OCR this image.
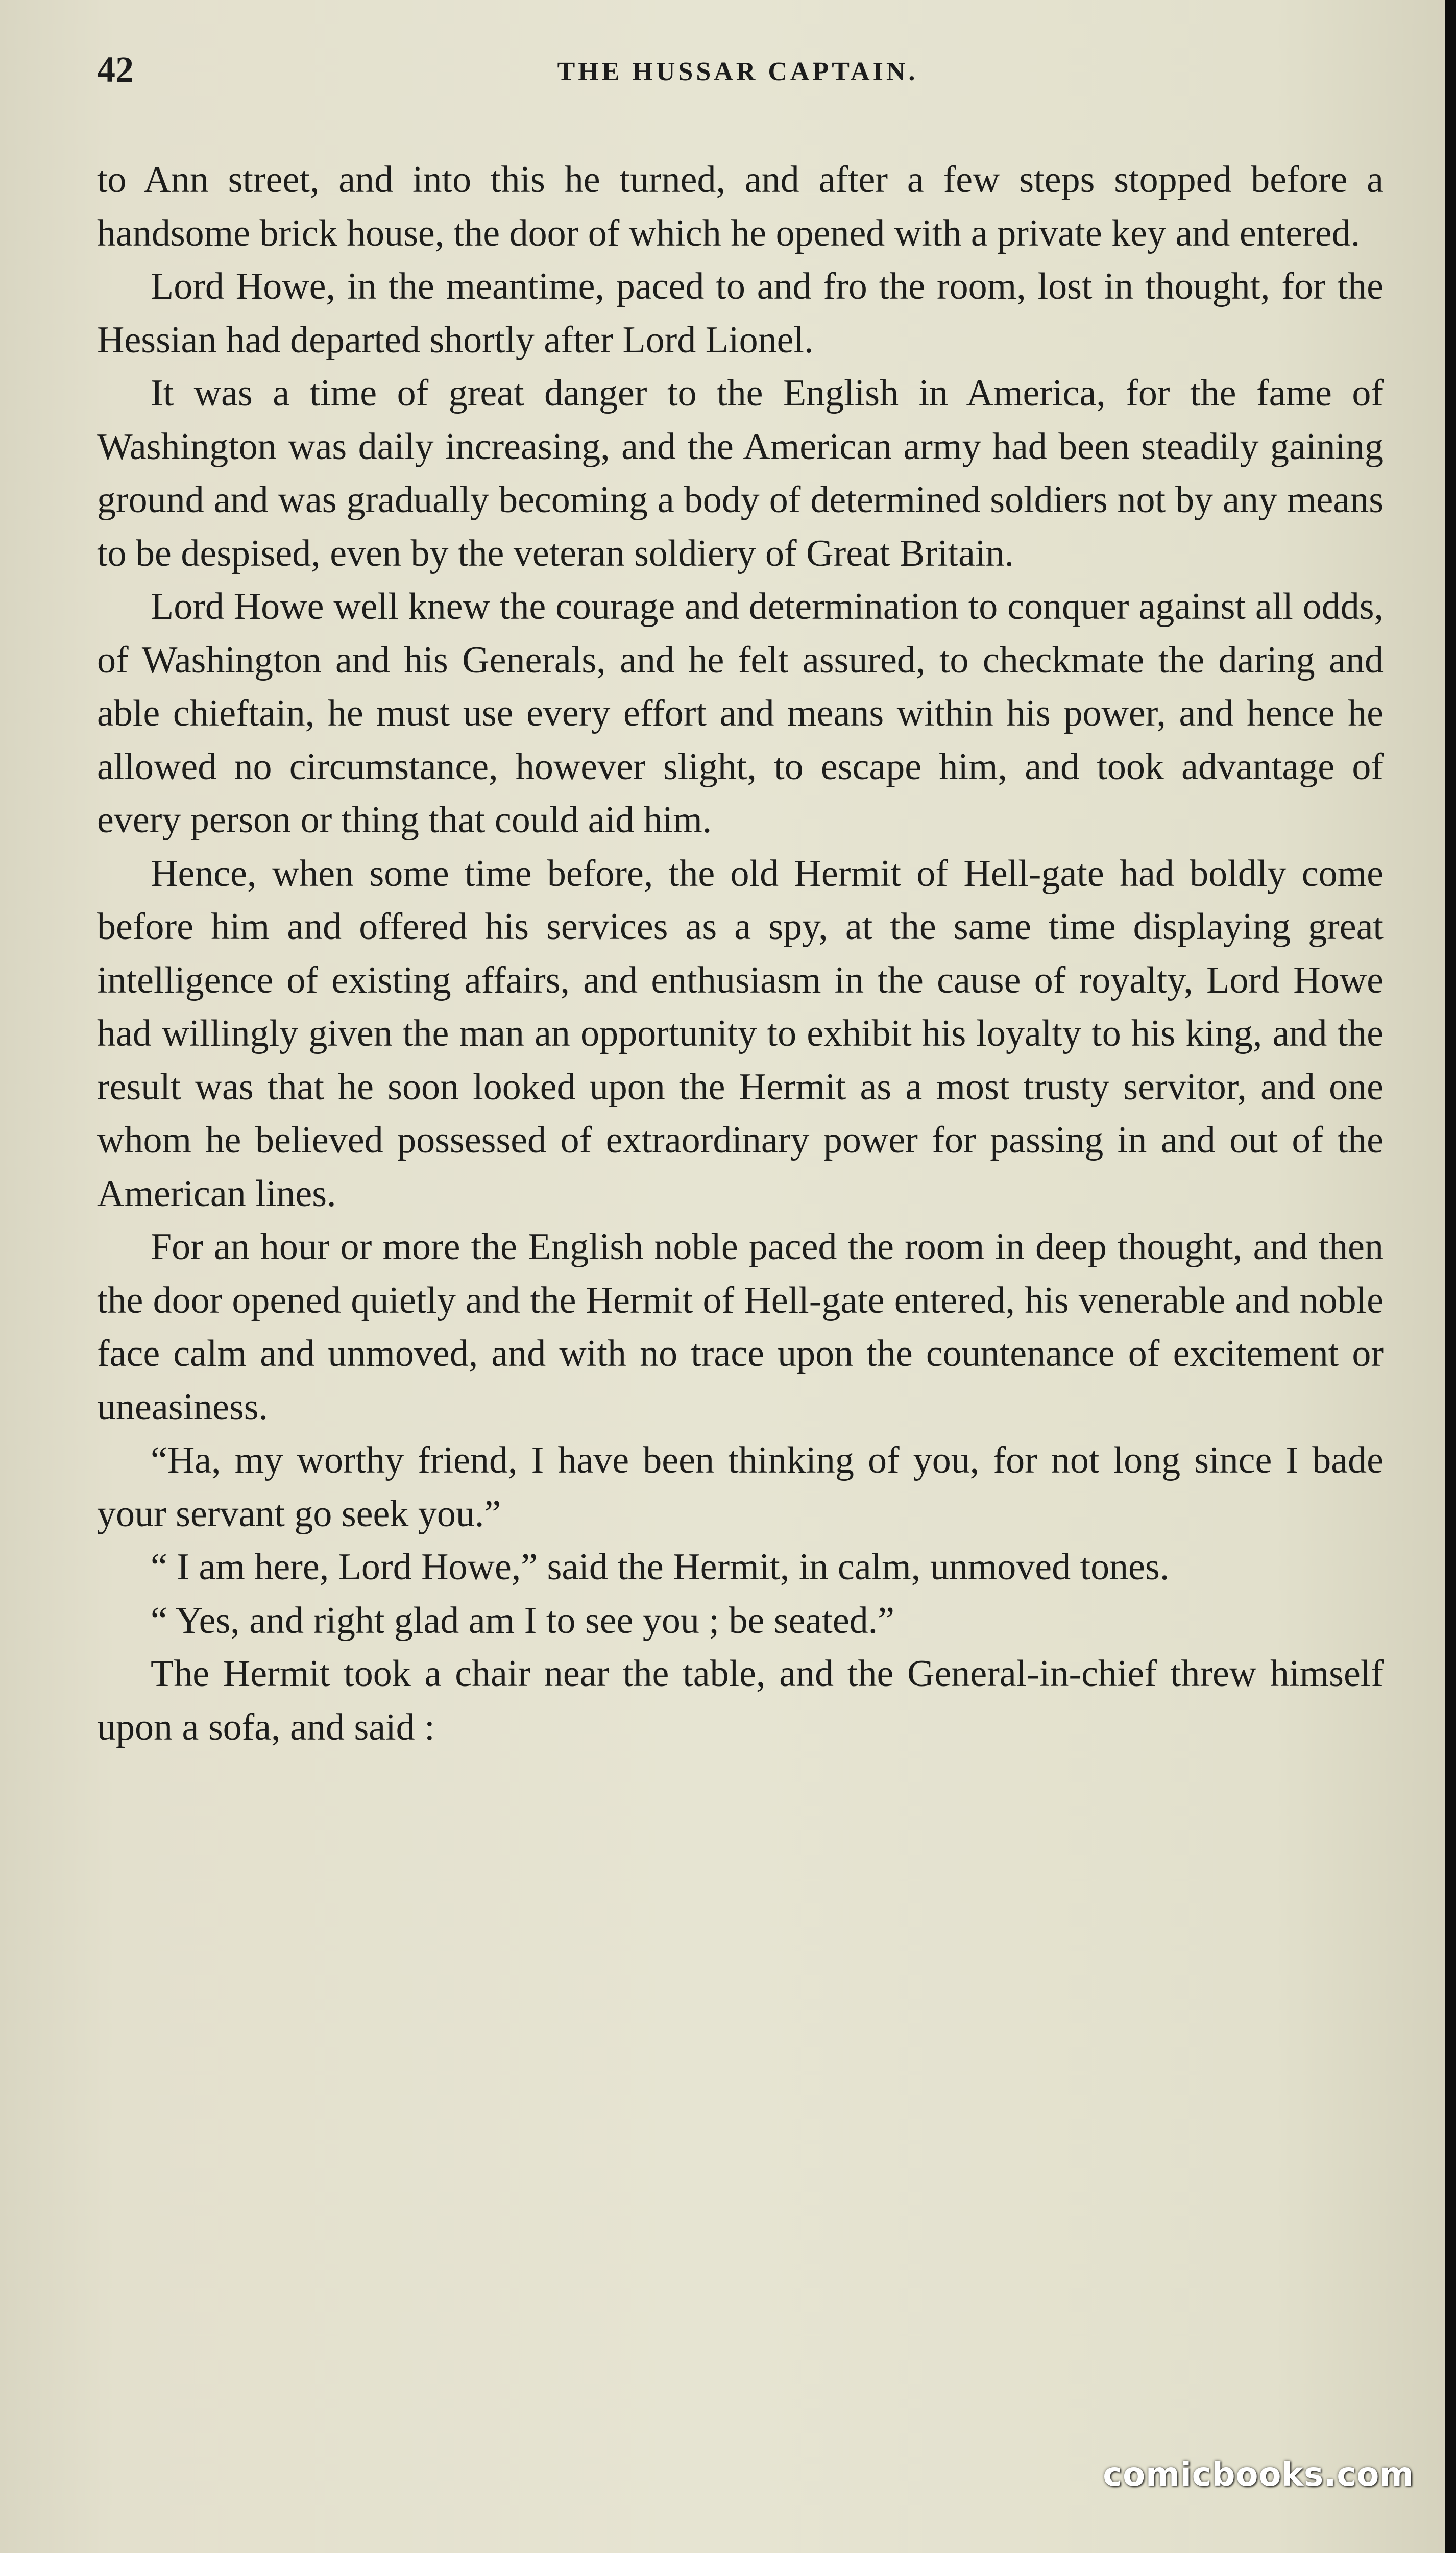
42	THE HUSSAR CAPTAIN.

to Ann street, and into this he turned, and after a few steps stopped before a handsome brick house, the door of which he opened with a private key and entered.

Lord Howe, in the meantime, paced to and fro the room, lost in thought, for the Hessian had departed shortly after Lord Lionel.

It was a time of great danger to the English in America, for the fame of Washington was daily increasing, and the American army had been steadily gaining ground and was gradually becoming a body of determined soldiers not by any means to be despised, even by the veteran soldiery of Great Britain.

Lord Howe well knew the courage and determination to conquer against all odds, of Washington and his Generals, and he felt assured, to checkmate the daring and able chieftain, he must use every effort and means within his power, and hence he allowed no circumstance, however slight, to escape him, and took advantage of every person or thing that could aid him.

Hence, when some time before, the old Hermit of Hell-gate had boldly come before him and offered his services as a spy, at the same time displaying great intelligence of existing affairs, and enthusiasm in the cause of royalty, Lord Howe had willingly given the man an opportunity to exhibit his loyalty to his king, and the result was that he soon looked upon the Hermit as a most trusty servitor, and one whom he believed possessed of extraordinary power for passing in and out of the American lines.

For an hour or more the English noble paced the room in deep thought, and then the door opened quietly and the Hermit of Hell-gate entered, his venerable and noble face calm and unmoved, and with no trace upon the countenance of excitement or uneasiness.

“Ha, my worthy friend, I have been thinking of you, for not long since I bade your servant go seek you.”

“ I am here, Lord Howe,” said the Hermit, in calm, unmoved tones.

“ Yes, and right glad am I to see you ; be seated.”

The Hermit took a chair near the table, and the General-in-chief threw himself upon a sofa, and said :

comicbooks.com
